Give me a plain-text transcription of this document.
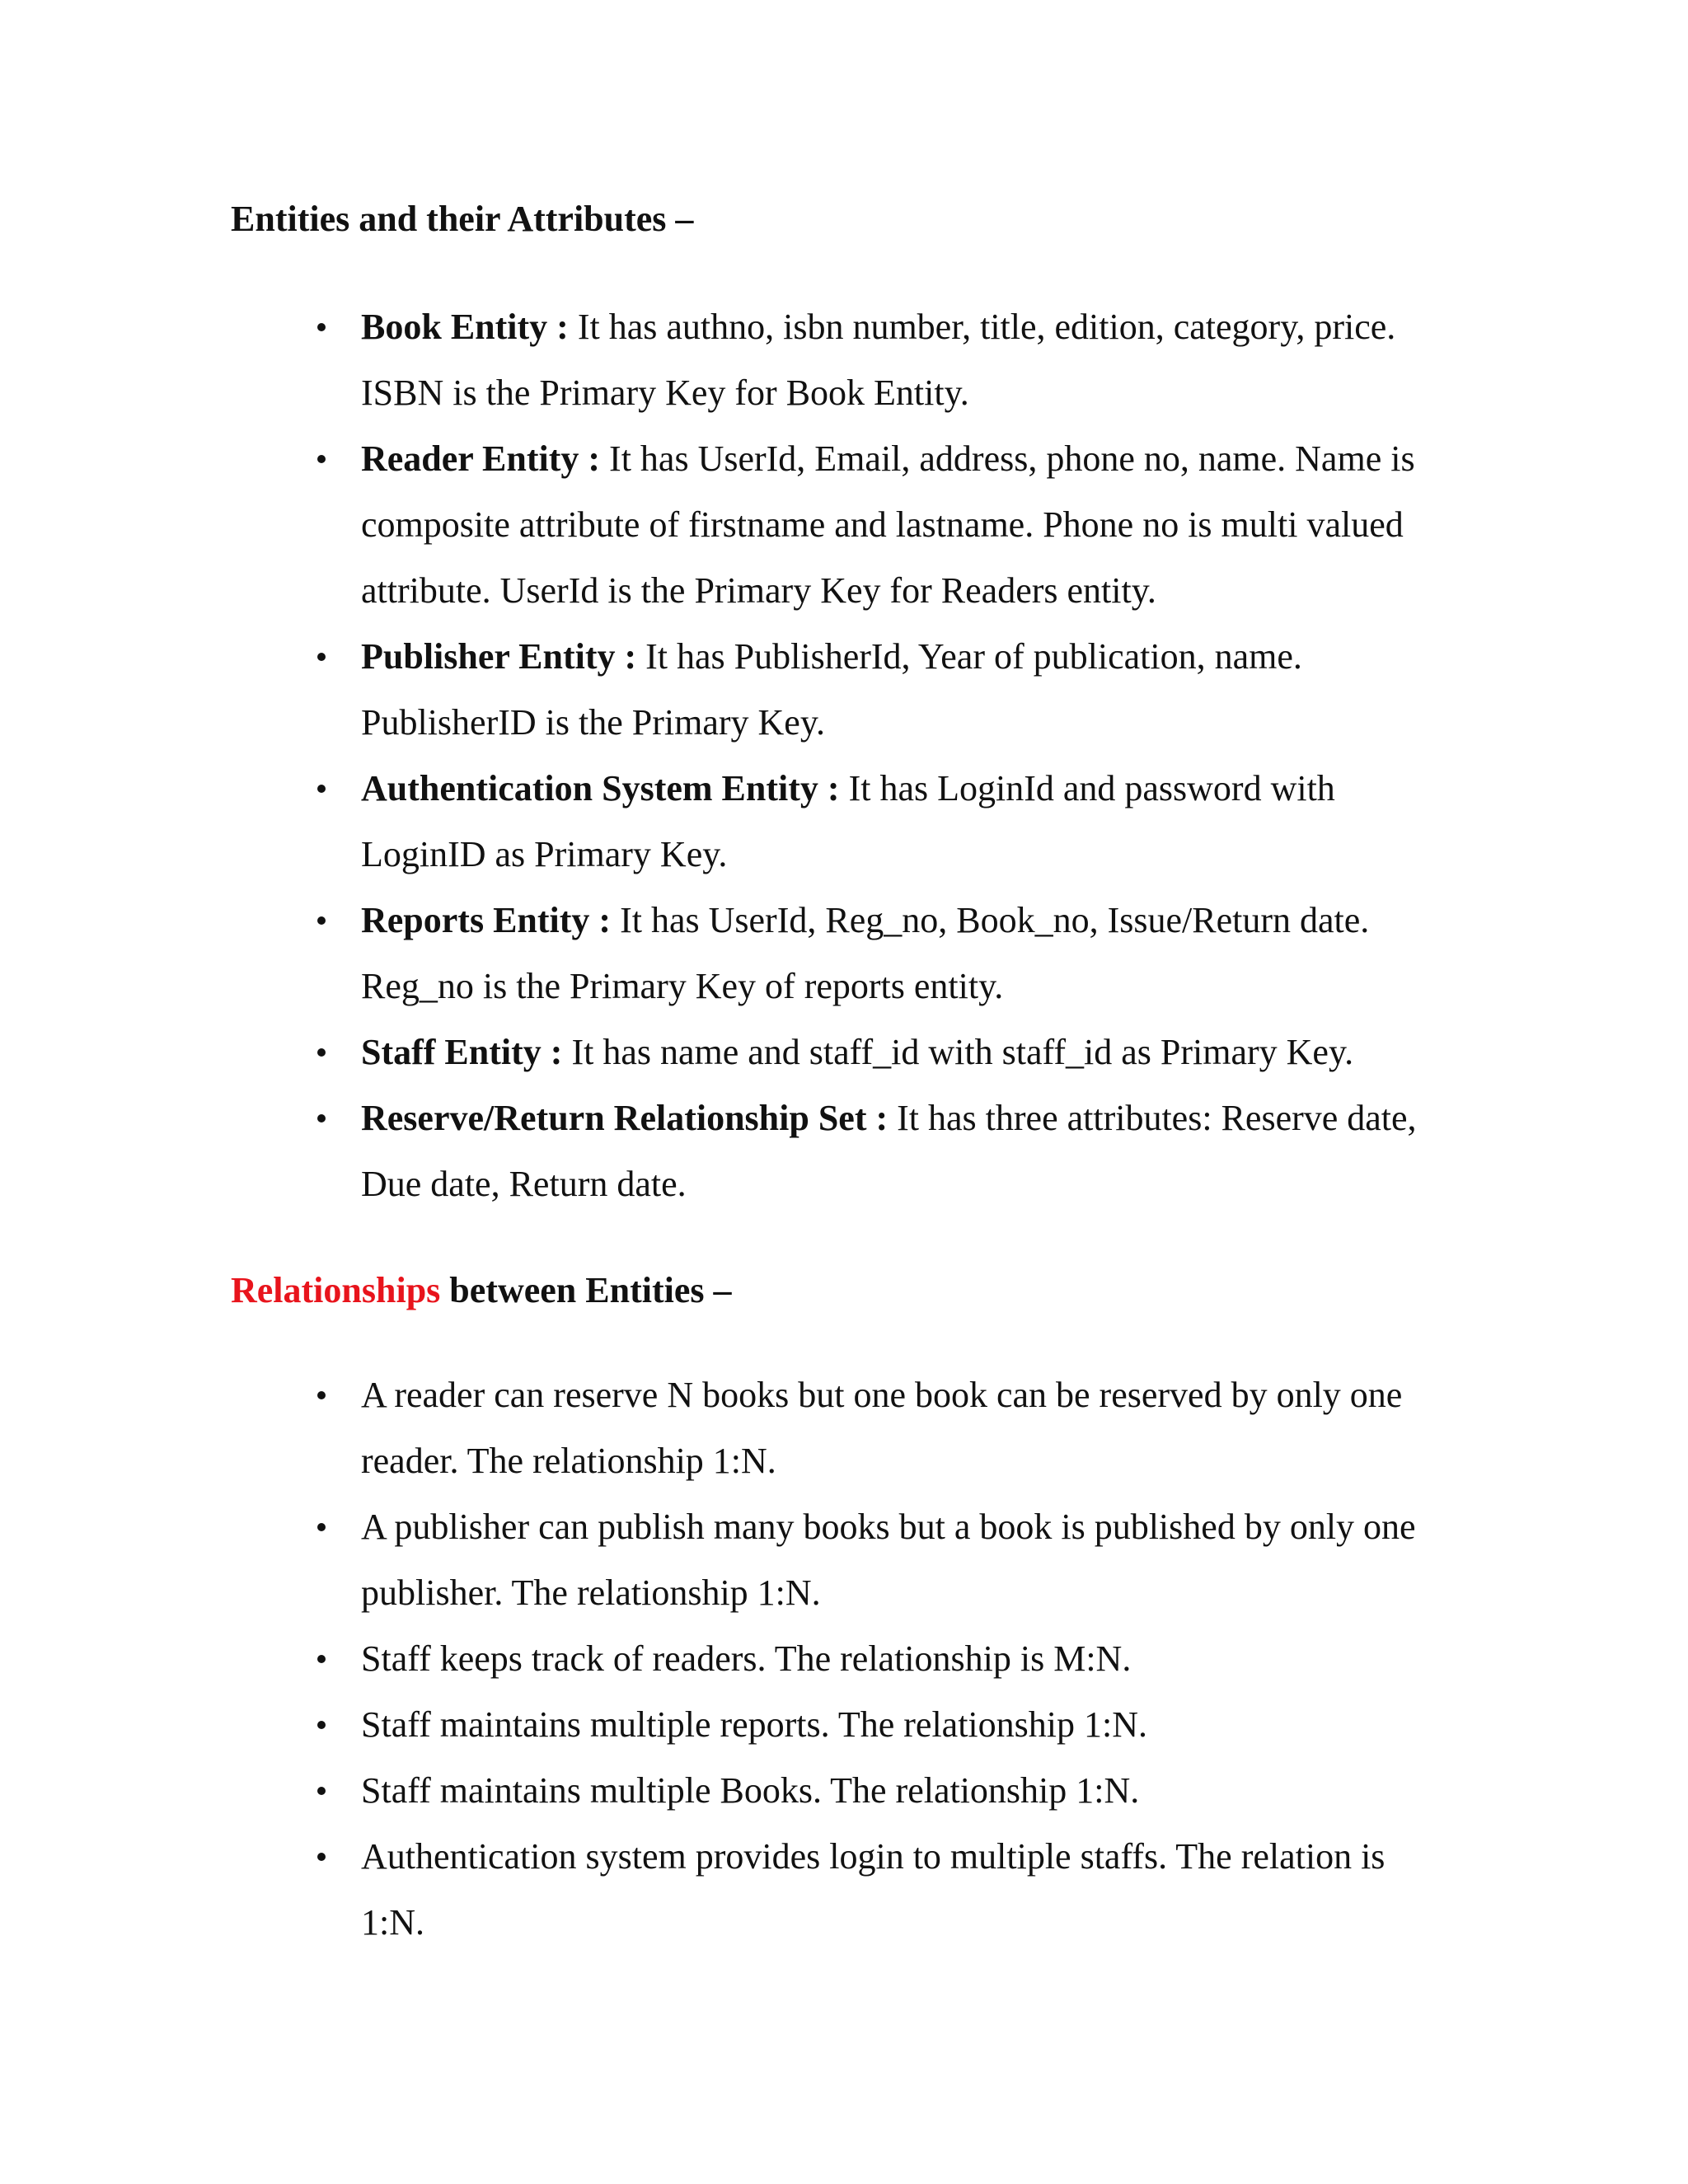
Entities and their Attributes –
Book Entity : It has authno, isbn number, title, edition, category, price. ISBN is the Primary Key for Book Entity.
Reader Entity : It has UserId, Email, address, phone no, name. Name is composite attribute of firstname and lastname. Phone no is multi valued attribute. UserId is the Primary Key for Readers entity.
Publisher Entity : It has PublisherId, Year of publication, name. PublisherID is the Primary Key.
Authentication System Entity : It has LoginId and password with LoginID as Primary Key.
Reports Entity : It has UserId, Reg_no, Book_no, Issue/Return date. Reg_no is the Primary Key of reports entity.
Staff Entity : It has name and staff_id with staff_id as Primary Key.
Reserve/Return Relationship Set : It has three attributes: Reserve date, Due date, Return date.
Relationships between Entities –
A reader can reserve N books but one book can be reserved by only one reader. The relationship 1:N.
A publisher can publish many books but a book is published by only one publisher. The relationship 1:N.
Staff keeps track of readers. The relationship is M:N.
Staff maintains multiple reports. The relationship 1:N.
Staff maintains multiple Books. The relationship 1:N.
Authentication system provides login to multiple staffs. The relation is 1:N.
